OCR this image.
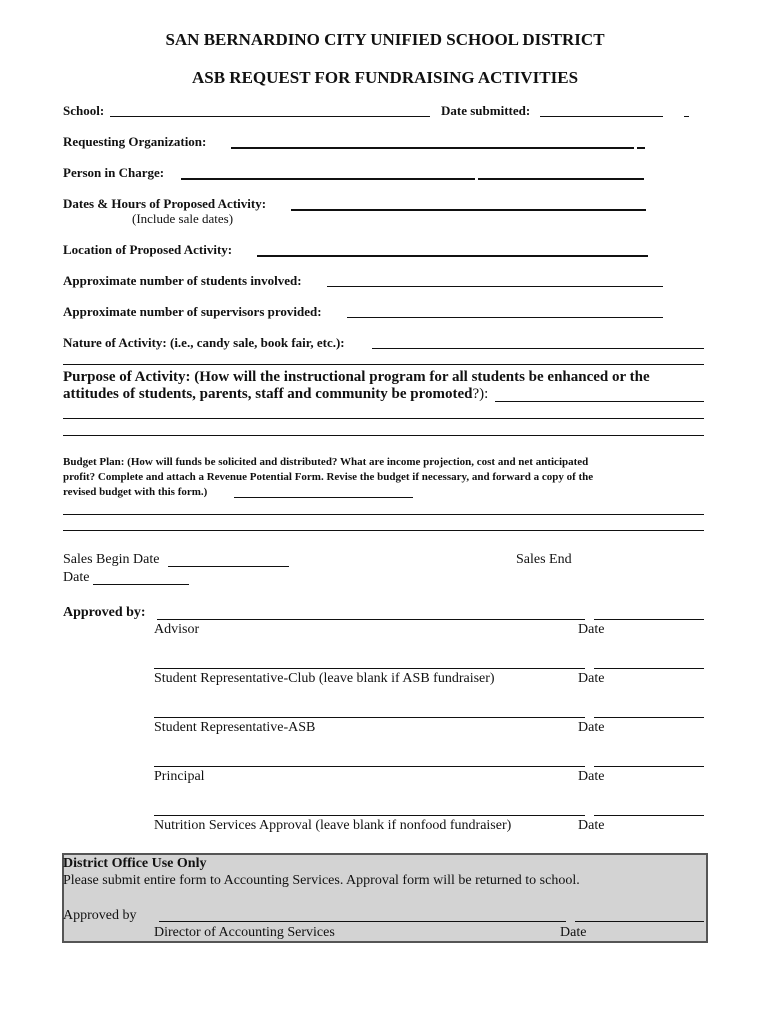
SAN BERNARDINO CITY UNIFIED SCHOOL DISTRICT
ASB REQUEST FOR FUNDRAISING ACTIVITIES
School:	Date submitted:
Requesting Organization:
Person in Charge:
Dates & Hours of Proposed Activity:
(Include sale dates)
Location of Proposed Activity:
Approximate number of students involved:
Approximate number of supervisors provided:
Nature of Activity: (i.e., candy sale, book fair, etc.):
Purpose of Activity: (How will the instructional program for all students be enhanced or the
attitudes of students, parents, staff and community be promoted?):
Budget Plan: (How will funds be solicited and distributed? What are income projection, cost and net anticipated
profit? Complete and attach a Revenue Potential Form. Revise the budget if necessary, and forward a copy of the
revised budget with this form.)
Sales Begin Date	Sales End
Date
Approved by:
Advisor	Date
Student Representative-Club (leave blank if ASB fundraiser)	Date
Student Representative-ASB	Date
Principal	Date
Nutrition Services Approval (leave blank if nonfood fundraiser)	Date
District Office Use Only
Please submit entire form to Accounting Services. Approval form will be returned to school.
Approved by
Director of Accounting Services	Date
